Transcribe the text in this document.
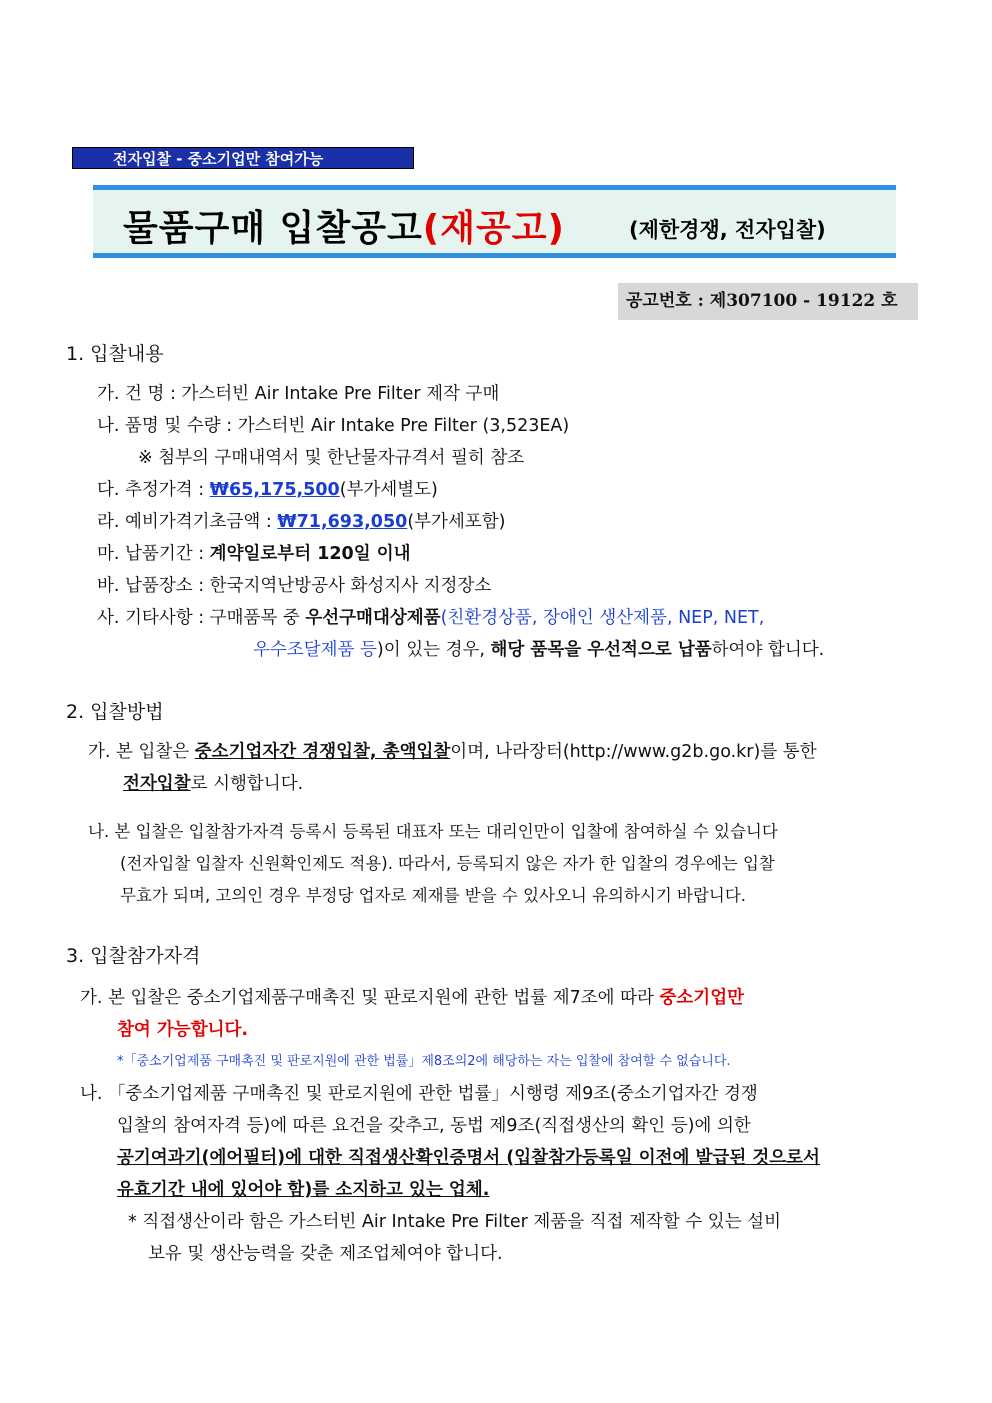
전자입찰 - 중소기업만 참여가능
물품구매 입찰공고(재공고)	(제한경쟁, 전자입찰)
공고번호 : 제307100 - 19122 호
1. 입찰내용
가. 건 명 : 가스터빈 Air Intake Pre Filter 제작 구매
나. 품명 및 수량 : 가스터빈 Air Intake Pre Filter (3,523EA)
※ 첨부의 구매내역서 및 한난물자규격서 필히 참조
다. 추정가격 : ₩65,175,500(부가세별도)
라. 예비가격기초금액 : ₩71,693,050(부가세포함)
마. 납품기간 : 계약일로부터 120일 이내
바. 납품장소 : 한국지역난방공사 화성지사 지정장소
사. 기타사항 : 구매품목 중 우선구매대상제품(친환경상품, 장애인 생산제품, NEP, NET,
우수조달제품 등)이 있는 경우, 해당 품목을 우선적으로 납품하여야 합니다.
2. 입찰방법
가. 본 입찰은 중소기업자간 경쟁입찰, 총액입찰이며, 나라장터(http://www.g2b.go.kr)를 통한
전자입찰로 시행합니다.
나. 본 입찰은 입찰참가자격 등록시 등록된 대표자 또는 대리인만이 입찰에 참여하실 수 있습니다
(전자입찰 입찰자 신원확인제도 적용). 따라서, 등록되지 않은 자가 한 입찰의 경우에는 입찰
무효가 되며, 고의인 경우 부정당 업자로 제재를 받을 수 있사오니 유의하시기 바랍니다.
3. 입찰참가자격
가. 본 입찰은 중소기업제품구매촉진 및 판로지원에 관한 법률 제7조에 따라 중소기업만
참여 가능합니다.
*「중소기업제품 구매촉진 및 판로지원에 관한 법률」제8조의2에 해당하는 자는 입찰에 참여할 수 없습니다.
나. 「중소기업제품 구매촉진 및 판로지원에 관한 법률」시행령 제9조(중소기업자간 경쟁
입찰의 참여자격 등)에 따른 요건을 갖추고, 동법 제9조(직접생산의 확인 등)에 의한
공기여과기(에어필터)에 대한 직접생산확인증명서 (입찰참가등록일 이전에 발급된 것으로서
유효기간 내에 있어야 함)를 소지하고 있는 업체.
* 직접생산이라 함은 가스터빈 Air Intake Pre Filter 제품을 직접 제작할 수 있는 설비
보유 및 생산능력을 갖춘 제조업체여야 합니다.
